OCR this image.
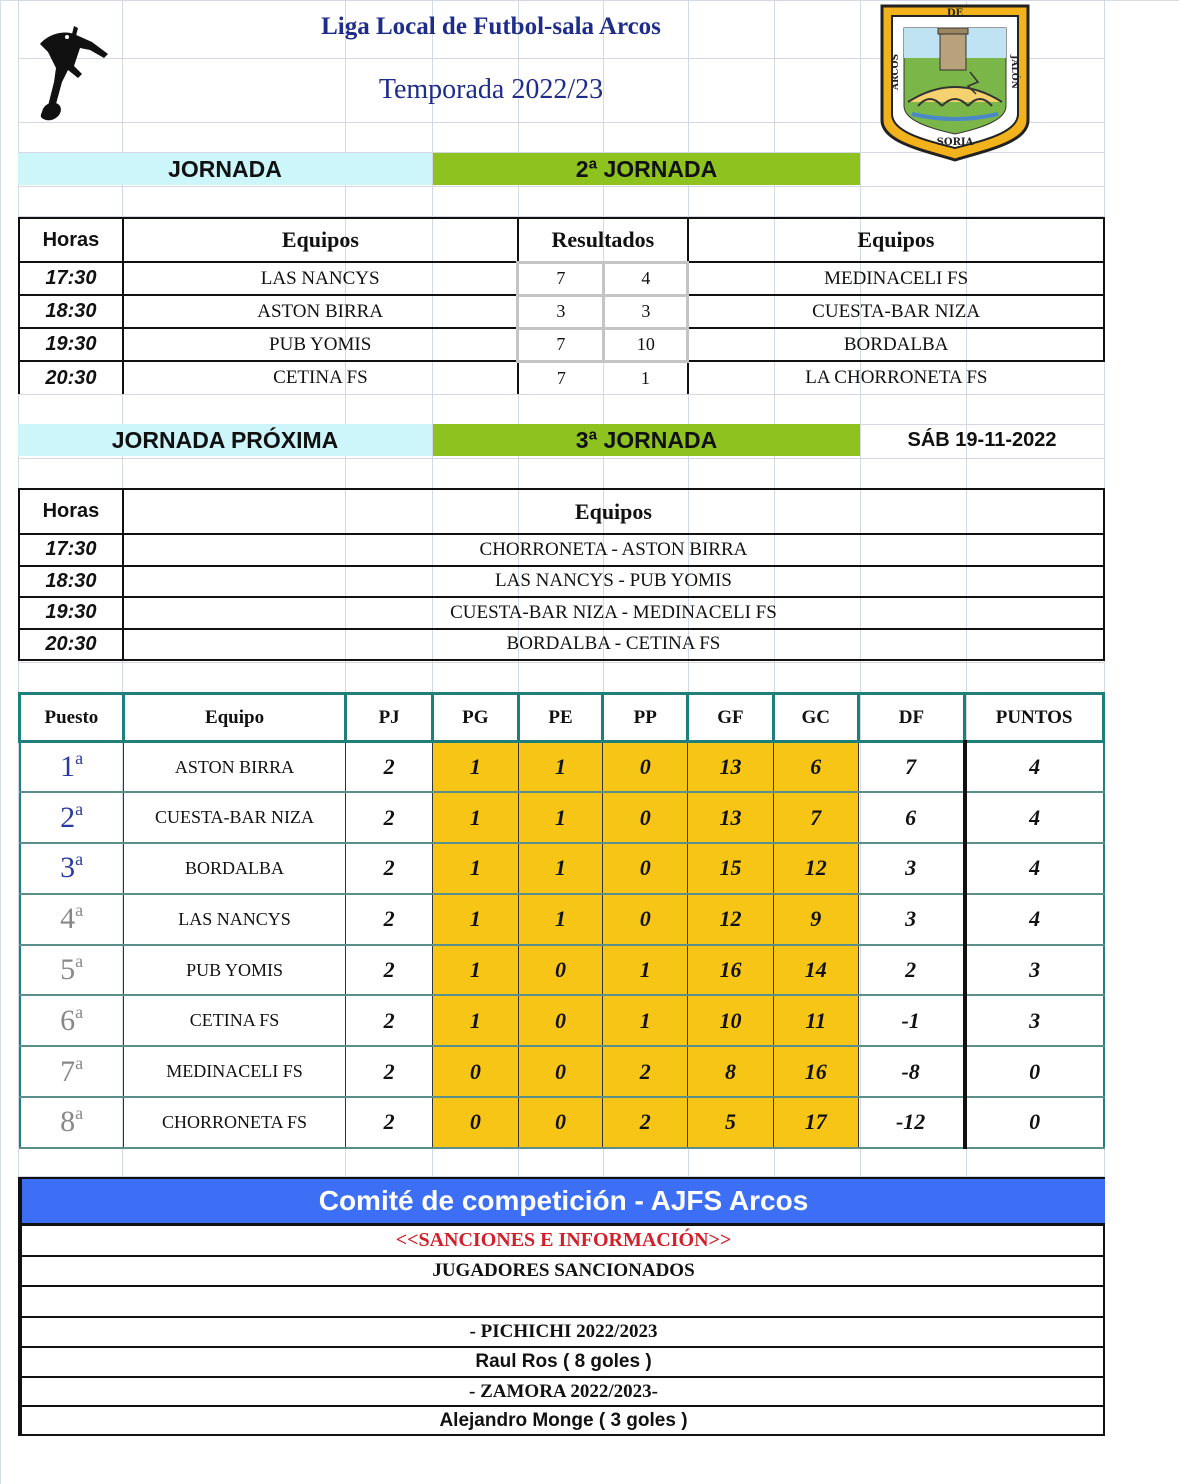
Liga Local de Futbol-sala Arcos
Temporada 2022/23
DE
ARCOS	JALÓN
SORIA
JORNADA	2ª JORNADA
Horas	Equipos	Resultados		Equipos
17:30	LAS NANCYS	7	4	MEDINACELI FS
18:30	ASTON BIRRA	3	3	CUESTA-BAR NIZA
19:30	PUB YOMIS	7	10	BORDALBA
20:30	CETINA FS	7	1	LA CHORRONETA FS
JORNADA PRÓXIMA	3ª JORNADA	SÁB 19-11-2022
Horas	Equipos
17:30	CHORRONETA - ASTON BIRRA
18:30	LAS NANCYS - PUB YOMIS
19:30	CUESTA-BAR NIZA - MEDINACELI FS
20:30	BORDALBA - CETINA FS
Puesto	Equipo	PJ	PG	PE	PP	GF	GC	DF	PUNTOS
1$^a$	ASTON BIRRA	2	1	1	0	13	6	7	4
2$^a$	CUESTA-BAR NIZA	2	1	1	0	13	7	6	4
3$^a$	BORDALBA	2	1	1	0	15	12	3	4
4$^a$	LAS NANCYS	2	1	1	0	12	9	3	4
5$^a$	PUB YOMIS	2	1	0	1	16	14	2	3
6$^a$	CETINA FS	2	1	0	1	10	11	-1	3
7$^a$	MEDINACELI FS	2	0	0	2	8	16	-8	0
8$^a$	CHORRONETA FS	2	0	0	2	5	17	-12	0
Comité de competición - AJFS Arcos
<<SANCIONES E INFORMACIÓN>>
JUGADORES SANCIONADOS
- PICHICHI 2022/2023
Raul Ros ( 8 goles )
- ZAMORA 2022/2023-
Alejandro Monge ( 3 goles )
